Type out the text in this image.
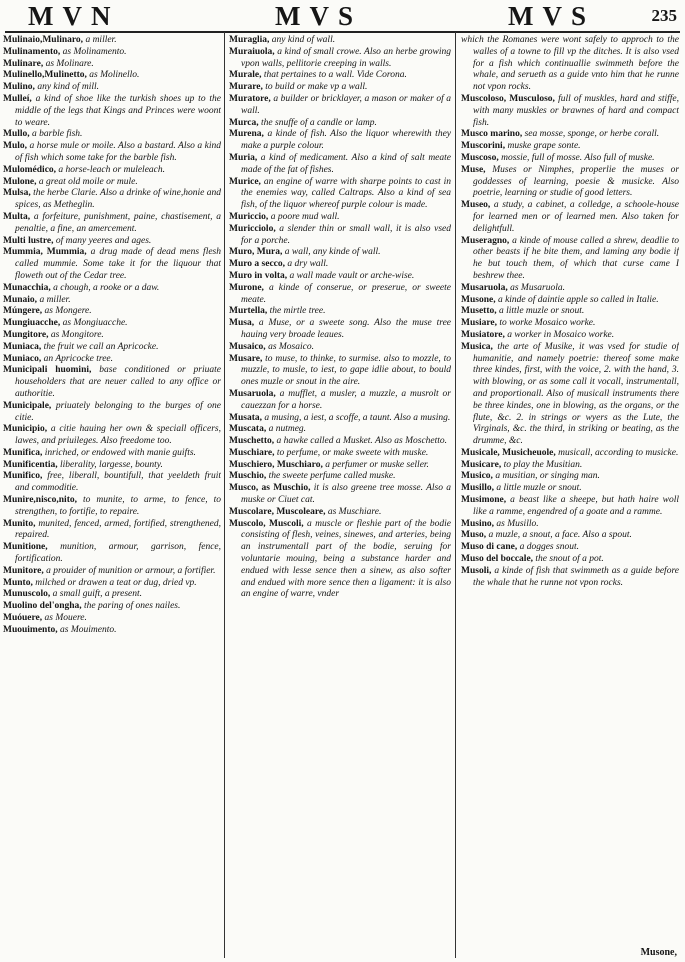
MVN	MVS	MVS	235

Mulinaio,Mulinaro, a miller.

Mulinamento, as Molinamento.

Mulinare, as Molinare.

Mulinello,Mulinetto, as Molinello.

Mulino, any kind of mill.

Mulleí, a kind of shoe like the turkish shoes up to the middle of the legs that Kings and Princes were woont to weare.

Mullo, a barble fish.

Mulo, a horse mule or moile. Also a bastard. Also a kind of fish which some take for the barble fish.

Mulomédico, a horse-leach or muleleach.

Mulone, a great old moile or mule.

Mulsa, the herbe Clarie. Also a drinke of wine,honie and spices, as Metheglin.

Multa, a forfeiture, punishment, paine, chastisement, a penaltie, a fine, an amercement.

Multi lustre, of many yeeres and ages.

Mummia, Mummia, a drug made of dead mens flesh called mummie. Some take it for the liquour that floweth out of the Cedar tree.

Munacchia, a chough, a rooke or a daw.

Munaio, a miller.

Múngere, as Mongere.

Mungiuacche, as Mongiuacche.

Mungitore, as Mongitore.

Muniaca, the fruit we call an Apricocke.

Muniaco, an Apricocke tree.

Municipali huomini, base conditioned or priuate householders that are neuer called to any office or authoritie.

Municipale, priuately belonging to the burges of one citie.

Municipio, a citie hauing her own & speciall officers, lawes, and priuileges. Also freedome too.

Munifica, inriched, or endowed with manie guifts.

Munificentia, liberality, largesse, bounty.

Munifico, free, liberall, bountifull, that yeeldeth fruit and commoditie.

Munire,nisco,nito, to munite, to arme, to fence, to strengthen, to fortifie, to repaire.

Munito, munited, fenced, armed, fortified, strengthened, repaired.

Munitione, munition, armour, garrison, fence, fortification.

Munitore, a prouider of munition or armour, a fortifier.

Munto, milched or drawen a teat or dug, dried vp.

Munuscolo, a small guift, a present.

Muolino del'ongha, the paring of ones nailes.

Muóuere, as Mouere.

Muouimento, as Mouimento.

Muraglia, any kind of wall.

Muraiuola, a kind of small crowe. Also an herbe growing vpon walls, pellitorie creeping in walls.

Murale, that pertaines to a wall. Vide Corona.

Murare, to build or make vp a wall.

Muratore, a builder or bricklayer, a mason or maker of a wall.

Murca, the snuffe of a candle or lamp.

Murena, a kinde of fish. Also the liquor wherewith they make a purple colour.

Muria, a kind of medicament. Also a kind of salt meate made of the fat of fishes.

Murice, an engine of warre with sharpe points to cast in the enemies way, called Caltraps. Also a kind of sea fish, of the liquor whereof purple colour is made.

Muriccio, a poore mud wall.

Muricciolo, a slender thin or small wall, it is also vsed for a porche.

Muro, Mura, a wall, any kinde of wall.

Muro a secco, a dry wall.

Muro in volta, a wall made vault or arche-wise.

Murone, a kinde of conserue, or preserue, or sweete meate.

Murtella, the mirtle tree.

Musa, a Muse, or a sweete song. Also the muse tree hauing very broade leaues.

Musaico, as Mosaico.

Musare, to muse, to thinke, to surmise. also to mozzle, to muzzle, to musle, to iest, to gape idlie about, to bould ones muzle or snout in the aire.

Musaruola, a mufflet, a musler, a muzzle, a musrolt or cauezzan for a horse.

Musata, a musing, a iest, a scoffe, a taunt. Also a musing.

Muscata, a nutmeg.

Muschetto, a hawke called a Musket. Also as Moschetto.

Muschiare, to perfume, or make sweete with muske.

Muschiero, Muschiaro, a perfumer or muske seller.

Muschio, the sweete perfume called muske.

Musco, as Muschio, it is also greene tree mosse. Also a muske or Ciuet cat.

Muscolare, Muscoleare, as Muschiare.

Muscolo, Muscoli, a muscle or fleshie part of the bodie consisting of flesh, veines, sinewes, and arteries, being an instrumentall part of the bodie, seruing for voluntarie mouing, being a substance harder and endued with lesse sence then a sinew, as also softer and endued with more sence then a ligament: it is also an engine of warre, vnder

which the Romanes were wont safely to approch to the walles of a towne to fill vp the ditches. It is also vsed for a fish which continuallie swimmeth before the whale, and serueth as a guide vnto him that he runne not vpon rocks.

Muscoloso, Musculoso, full of muskles, hard and stiffe, with many muskles or brawnes of hard and compact fish.

Musco marino, sea mosse, sponge, or herbe corall.

Muscorini, muske grape sonte.

Muscoso, mossie, full of mosse. Also full of muske.

Muse, Muses or Nimphes, properlie the muses or goddesses of learning, poesie & musicke. Also poetrie, learning or studie of good letters.

Museo, a study, a cabinet, a colledge, a schoole-house for learned men or of learned men. Also taken for delightfull.

Museragno, a kinde of mouse called a shrew, deadlie to other beasts if he bite them, and laming any bodie if he but touch them, of which that curse came I beshrew thee.

Musaruola, as Musaruola.

Musone, a kinde of daintie apple so called in Italie.

Musetto, a little muzle or snout.

Musiare, to worke Mosaico worke.

Musiatore, a worker in Mosaico worke.

Musica, the arte of Musike, it was vsed for studie of humanitie, and namely poetrie: thereof some make three kindes, first, with the voice, 2. with the hand, 3. with blowing, or as some call it vocall, instrumentall, and proportionall. Also of musicall instruments there be three kindes, one in blowing, as the organs, or the flute, &c. 2. in strings or wyers as the Lute, the Virginals, &c. the third, in striking or beating, as the drumme, &c.

Musicale, Musicheuole, musicall, according to musicke.

Musicare, to play the Musitian.

Musico, a musitian, or singing man.

Musillo, a little muzle or snout.

Musimone, a beast like a sheepe, but hath haire woll like a ramme, engendred of a goate and a ramme.

Musino, as Musillo.

Muso, a muzle, a snout, a face. Also a spout.

Muso di cane, a dogges snout.

Muso del boccale, the snout of a pot.

Musoli, a kinde of fish that swimmeth as a guide before the whale that he runne not vpon rocks.

Musone,
